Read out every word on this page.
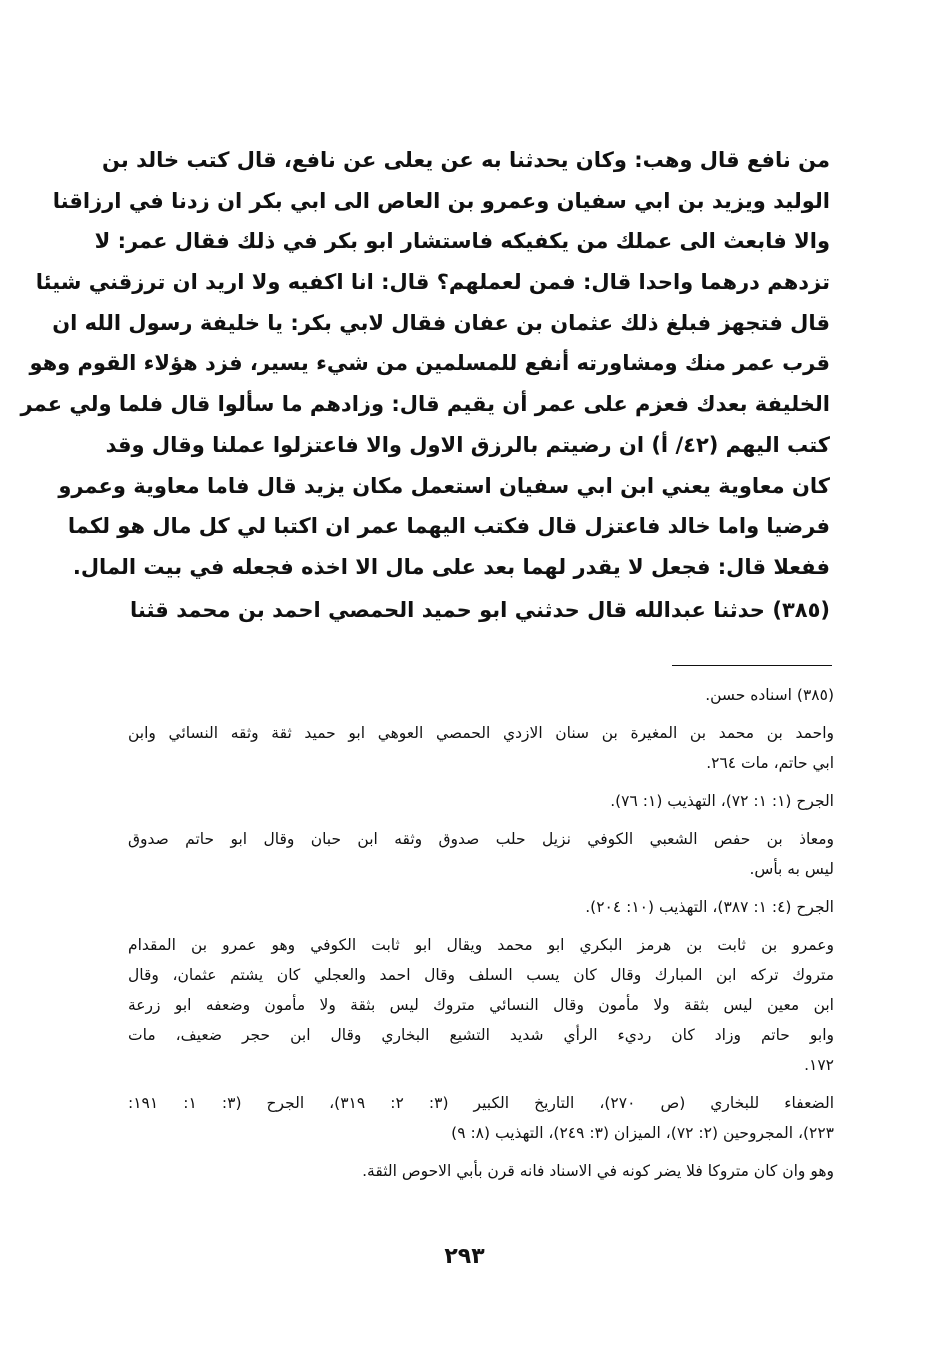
من نافع قال وهب: وكان يحدثنا به عن يعلى عن نافع، قال كتب خالد بن
الوليد ويزيد بن ابي سفيان وعمرو بن العاص الى ابي بكر ان زدنا في ارزاقنا
والا فابعث الى عملك من يكفيكه فاستشار ابو بكر في ذلك فقال عمر: لا
تزدهم درهما واحدا قال: فمن لعملهم؟ قال: انا اكفيه ولا اريد ان ترزقني شيئا
قال فتجهز فبلغ ذلك عثمان بن عفان فقال لابي بكر: يا خليفة رسول الله ان
قرب عمر منك ومشاورته أنفع للمسلمين من شيء يسير، فزد هؤلاء القوم وهو
الخليفة بعدك فعزم على عمر أن يقيم قال: وزادهم ما سألوا قال فلما ولي عمر
كتب اليهم (٤٢/ أ) ان رضيتم بالرزق الاول والا فاعتزلوا عملنا وقال وقد
كان معاوية يعني ابن ابي سفيان استعمل مكان يزيد قال فاما معاوية وعمرو
فرضيا واما خالد فاعتزل قال فكتب اليهما عمر ان اكتبا لي كل مال هو لكما
ففعلا قال: فجعل لا يقدر لهما بعد على مال الا اخذه فجعله في بيت المال.
(٣٨٥) حدثنا عبدالله قال حدثني ابو حميد الحمصي احمد بن محمد قثنا
(٣٨٥) اسناده حسن.
واحمد بن محمد بن المغيرة بن سنان الازدي الحمصي العوهي ابو حميد ثقة وثقه النسائي وابن
ابي حاتم، مات ٢٦٤.
الجرح (١: ١: ٧٢)، التهذيب (١: ٧٦).
ومعاذ بن حفص الشعبي الكوفي نزيل حلب صدوق وثقه ابن حبان وقال ابو حاتم صدوق
ليس به بأس.
الجرح (٤: ١: ٣٨٧)، التهذيب (١٠: ٢٠٤).
وعمرو بن ثابت بن هرمز البكري ابو محمد ويقال ابو ثابت الكوفي وهو عمرو بن المقدام
متروك تركه ابن المبارك وقال كان يسب السلف وقال احمد والعجلي كان يشتم عثمان، وقال
ابن معين ليس بثقة ولا مأمون وقال النسائي متروك ليس بثقة ولا مأمون وضعفه ابو زرعة
وابو حاتم وزاد كان رديء الرأي شديد التشيع البخاري وقال ابن حجر ضعيف، مات
١٧٢.
الضعفاء للبخاري (ص ٢٧٠)، التاريخ الكبير (٣: ٢: ٣١٩)، الجرح (٣: ١: ١٩١:
٢٢٣)، المجروحين (٢: ٧٢)، الميزان (٣: ٢٤٩)، التهذيب (٨: ٩)
وهو وان كان متروكا فلا يضر كونه في الاسناد فانه قرن بأبي الاحوص الثقة.
٢٩٣
